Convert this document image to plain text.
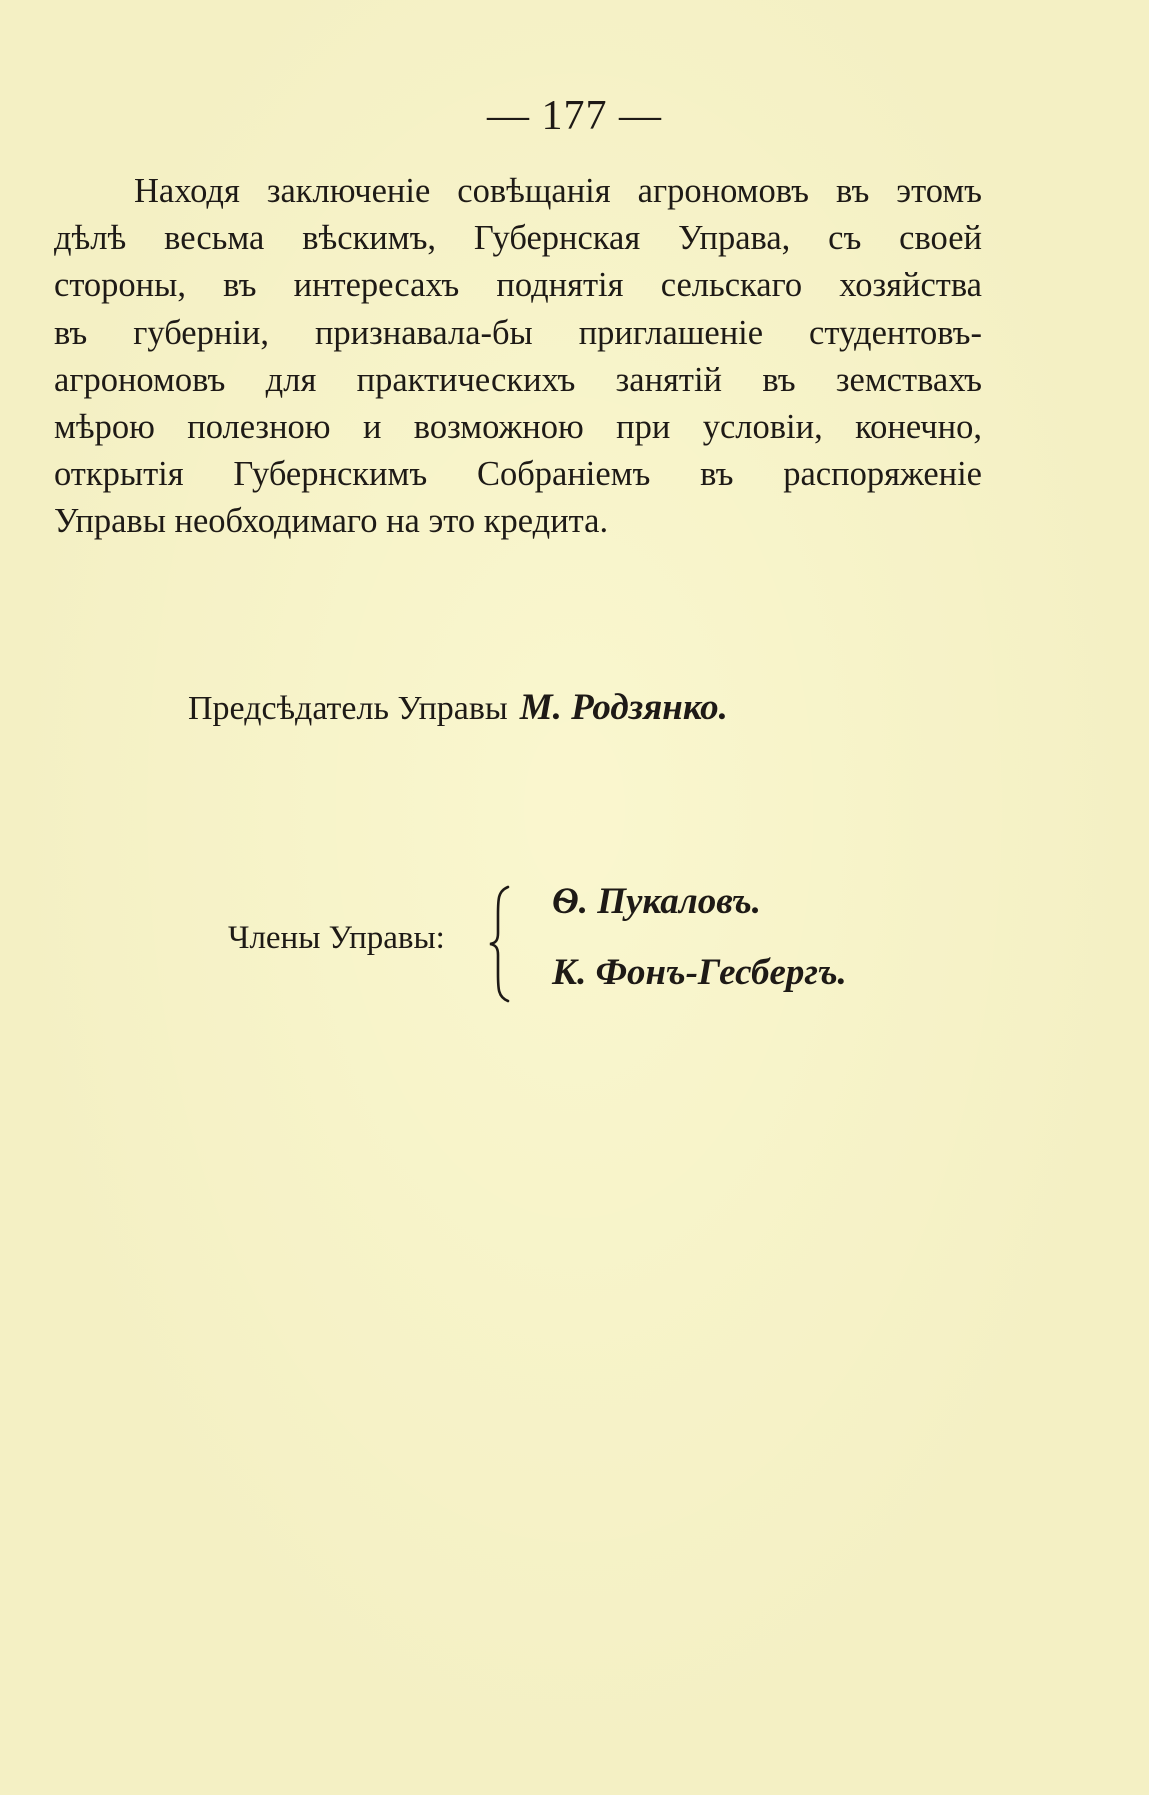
— 177 —
Находя заключеніе совѣщанія агрономовъ въ этомъ
дѣлѣ весьма вѣскимъ, Губернская Управа, съ своей
стороны, въ интересахъ поднятія сельскаго хозяйства
въ губерніи, признавала-бы приглашеніе студентовъ-
агрономовъ для практическихъ занятій въ земствахъ
мѣрою полезною и возможною при условіи, конечно,
открытія Губернскимъ Собраніемъ въ распоряженіе
Управы необходимаго на это кредита.
Предсѣдатель Управы М. Родзянко.
Члены Управы:
Ѳ. Пукаловъ.
К. Фонъ-Гесбергъ.
